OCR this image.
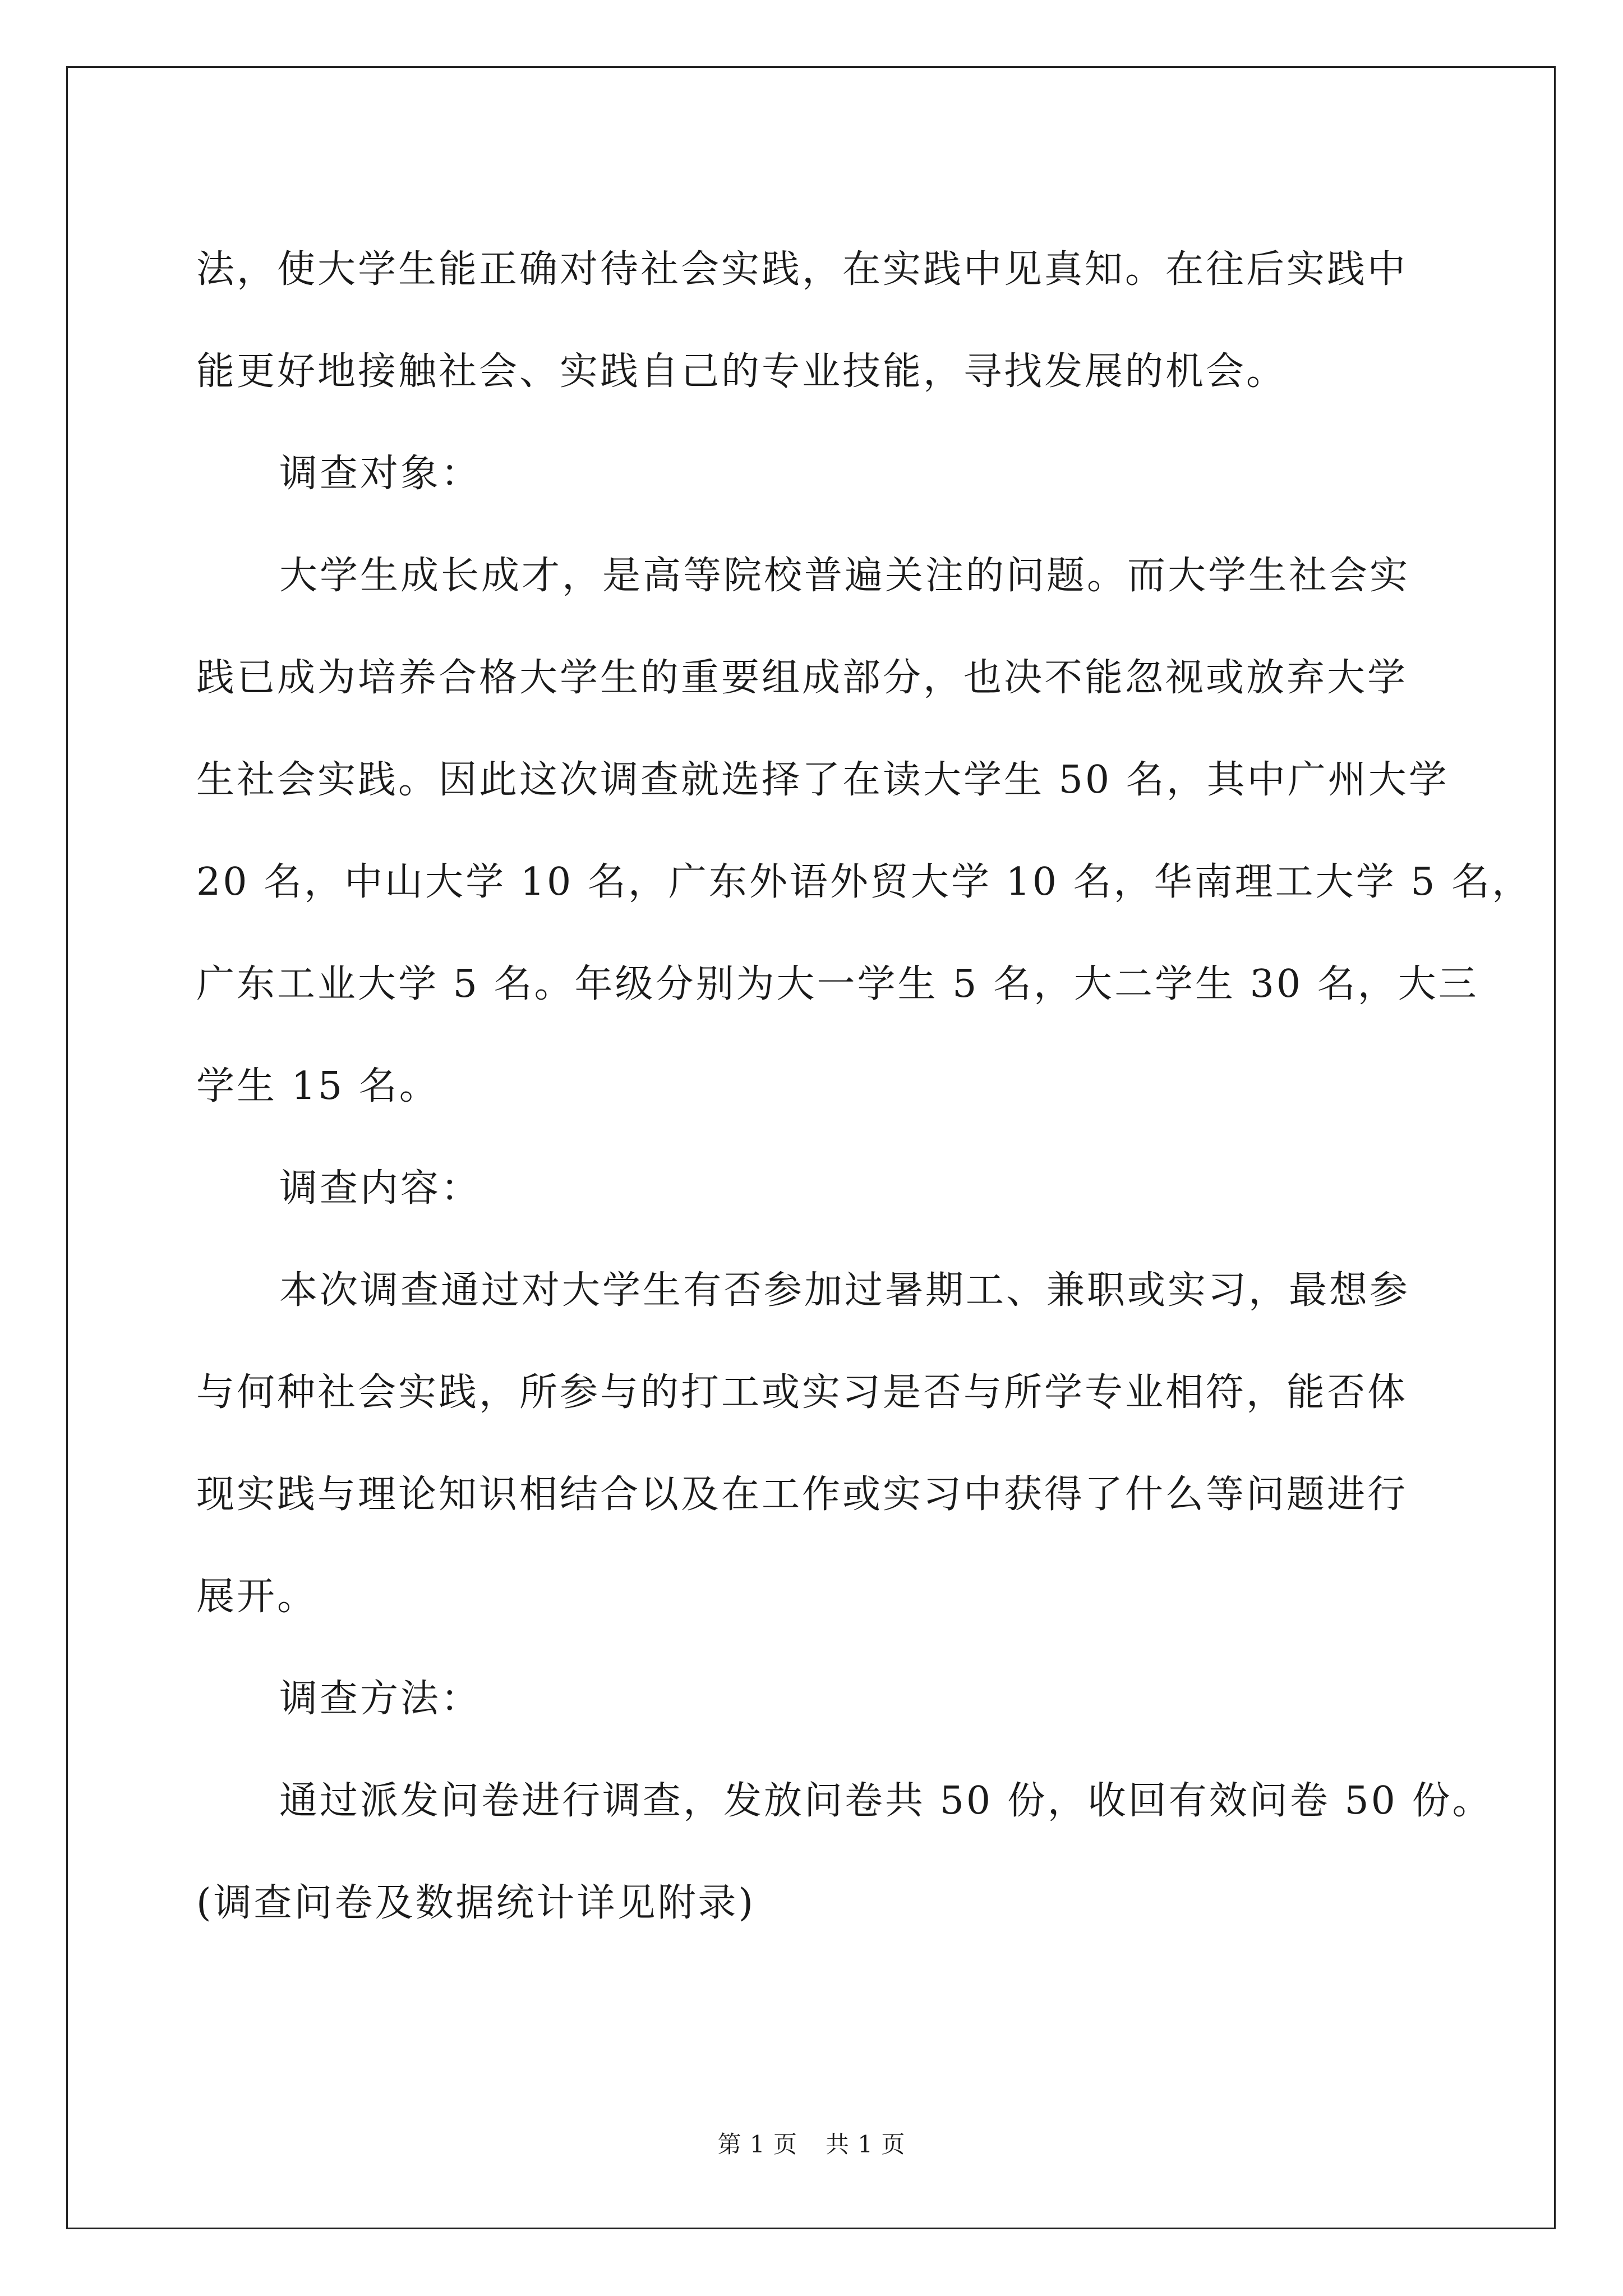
法，使大学生能正确对待社会实践，在实践中见真知。在往后实践中
能更好地接触社会、实践自己的专业技能，寻找发展的机会。
调查对象：
大学生成长成才，是高等院校普遍关注的问题。而大学生社会实
践已成为培养合格大学生的重要组成部分，也决不能忽视或放弃大学
生社会实践。因此这次调查就选择了在读大学生 50 名，其中广州大学
20 名，中山大学 10 名，广东外语外贸大学 10 名，华南理工大学 5 名，
广东工业大学 5 名。年级分别为大一学生 5 名，大二学生 30 名，大三
学生 15 名。
调查内容：
本次调查通过对大学生有否参加过暑期工、兼职或实习，最想参
与何种社会实践，所参与的打工或实习是否与所学专业相符，能否体
现实践与理论知识相结合以及在工作或实习中获得了什么等问题进行
展开。
调查方法：
通过派发问卷进行调查，发放问卷共 50 份，收回有效问卷 50 份。
(调查问卷及数据统计详见附录)
第 1 页 共 1 页
